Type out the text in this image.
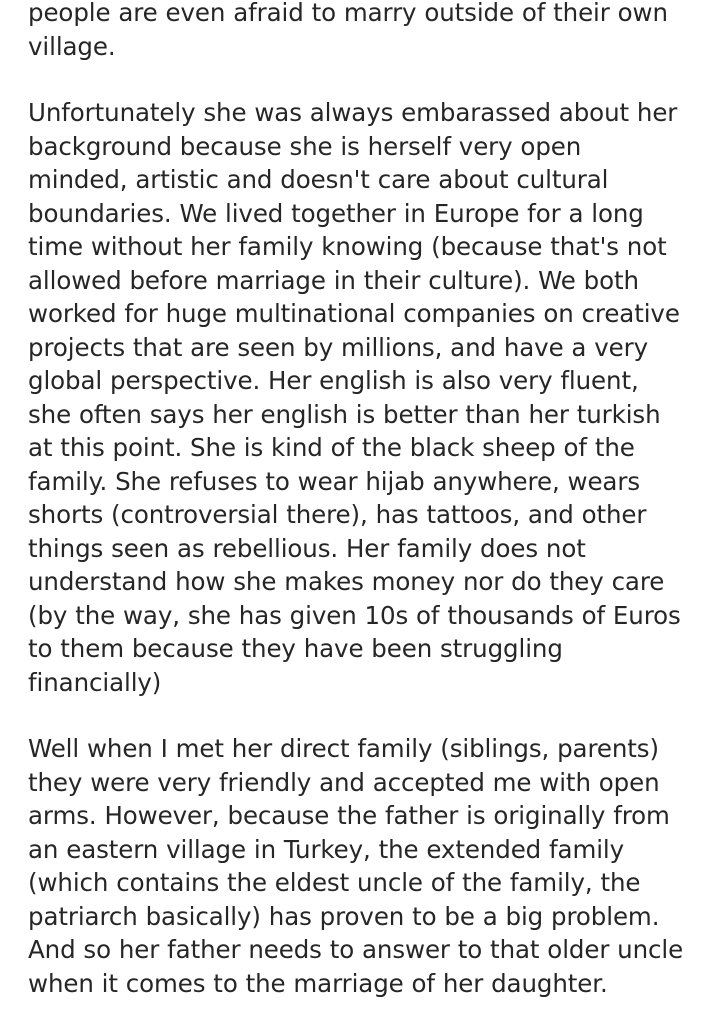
people are even afraid to marry outside of their own village.

Unfortunately she was always embarassed about her background because she is herself very open minded, artistic and doesn't care about cultural boundaries. We lived together in Europe for a long time without her family knowing (because that's not allowed before marriage in their culture). We both worked for huge multinational companies on creative projects that are seen by millions, and have a very global perspective. Her english is also very fluent, she often says her english is better than her turkish at this point. She is kind of the black sheep of the family. She refuses to wear hijab anywhere, wears shorts (controversial there), has tattoos, and other things seen as rebellious. Her family does not understand how she makes money nor do they care (by the way, she has given 10s of thousands of Euros to them because they have been struggling financially)

Well when I met her direct family (siblings, parents) they were very friendly and accepted me with open arms. However, because the father is originally from an eastern village in Turkey, the extended family (which contains the eldest uncle of the family, the patriarch basically) has proven to be a big problem. And so her father needs to answer to that older uncle when it comes to the marriage of her daughter.
